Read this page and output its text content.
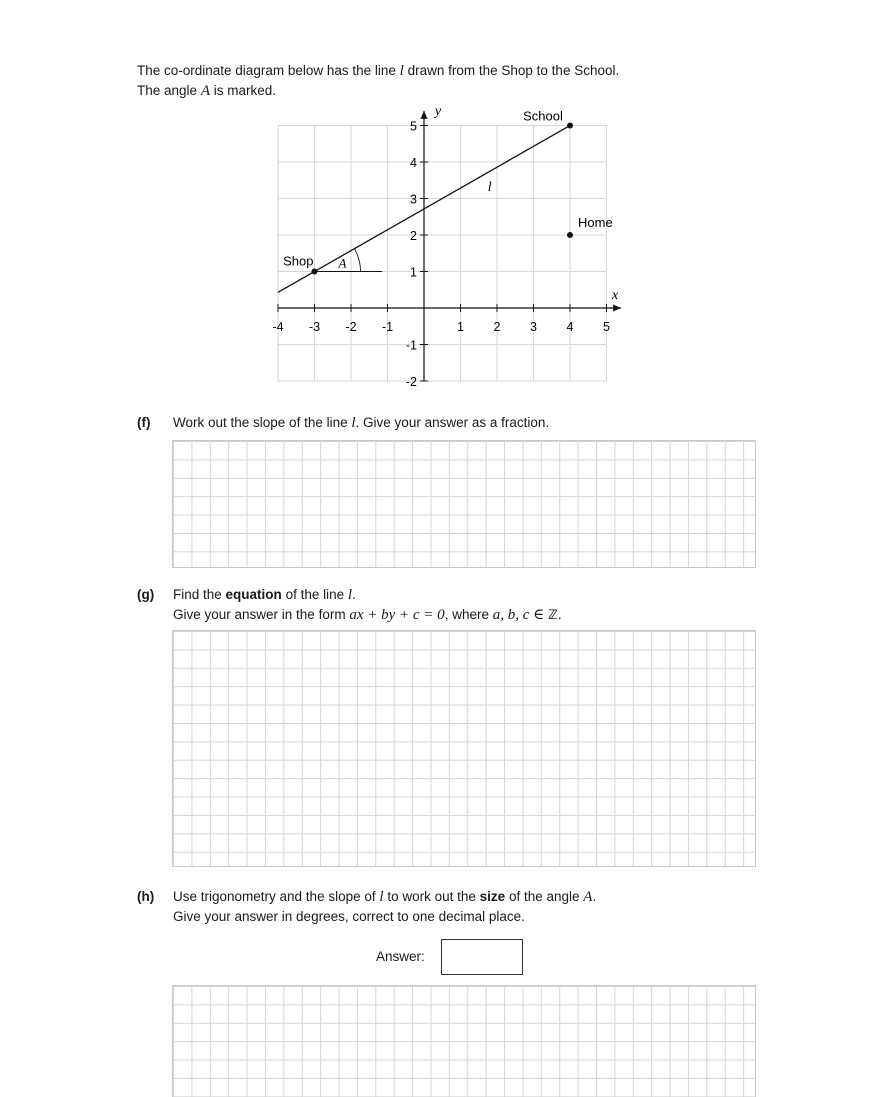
The co-ordinate diagram below has the line l drawn from the Shop to the School.
The angle A is marked.
-4 -3 -2 -1	1 2 3 4 5
-2
-1
1
2
3
4
5
Shop
School
Home
l
A
x
y
(f) Work out the slope of the line l. Give your answer as a fraction.
(g) Find the equation of the line l.
Give your answer in the form ax + by + c = 0, where a, b, c ∈ ℤ.
(h) Use trigonometry and the slope of l to work out the size of the angle A.
Give your answer in degrees, correct to one decimal place.
Answer:
